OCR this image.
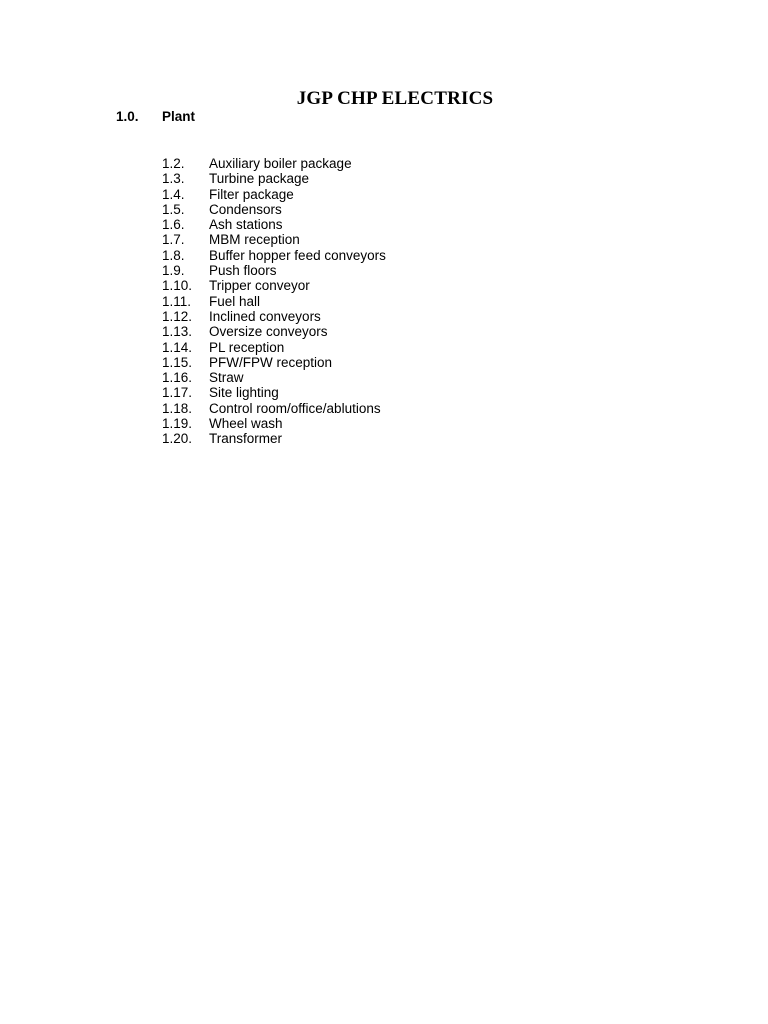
JGP CHP ELECTRICS
1.0. Plant
1.2. Auxiliary boiler package
1.3. Turbine package
1.4. Filter package
1.5. Condensors
1.6. Ash stations
1.7. MBM reception
1.8. Buffer hopper feed conveyors
1.9. Push floors
1.10. Tripper conveyor
1.11. Fuel hall
1.12. Inclined conveyors
1.13. Oversize conveyors
1.14. PL reception
1.15. PFW/FPW reception
1.16. Straw
1.17. Site lighting
1.18. Control room/office/ablutions
1.19. Wheel wash
1.20. Transformer
